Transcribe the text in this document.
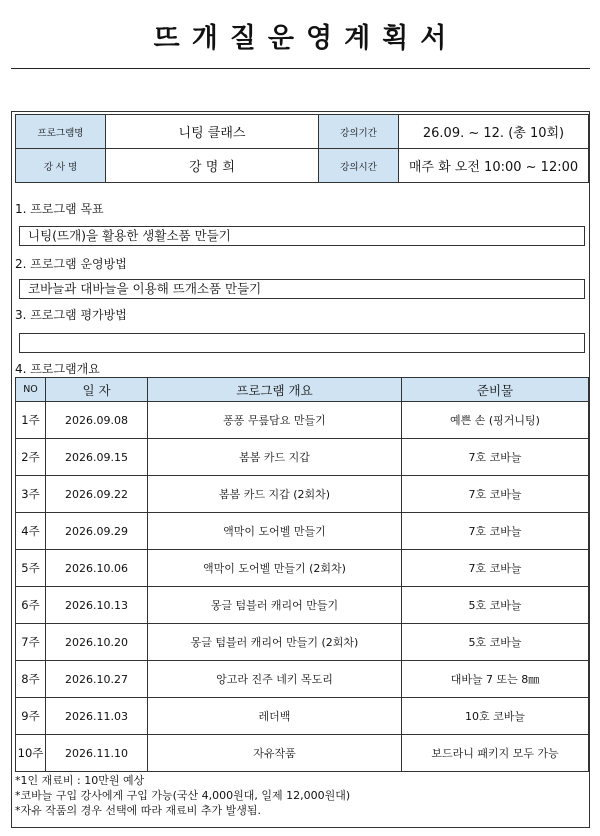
뜨개질운영계획서
프로그램명	니팅 클래스	강의기간	26.09. ~ 12. (총 10회)
강 사 명	강 명 희	강의시간	매주 화 오전 10:00 ~ 12:00
1. 프로그램 목표
니팅(뜨개)을 활용한 생활소품 만들기
2. 프로그램 운영방법
코바늘과 대바늘을 이용해 뜨개소품 만들기
3. 프로그램 평가방법
4. 프로그램개요
NO	일 자	프로그램 개요	준비물
1주	2026.09.08	퐁퐁 무릎담요 만들기	예쁜 손 (핑거니팅)
2주	2026.09.15	봄봄 카드 지갑	7호 코바늘
3주	2026.09.22	봄봄 카드 지갑 (2회차)	7호 코바늘
4주	2026.09.29	액막이 도어벨 만들기	7호 코바늘
5주	2026.10.06	액막이 도어벨 만들기 (2회차)	7호 코바늘
6주	2026.10.13	몽글 텀블러 캐리어 만들기	5호 코바늘
7주	2026.10.20	몽글 텀블러 캐리어 만들기 (2회차)	5호 코바늘
8주	2026.10.27	앙고라 진주 네키 목도리	대바늘 7 또는 8㎜
9주	2026.11.03	레더백	10호 코바늘
10주	2026.11.10	자유작품	보드라니 패키지 모두 가능
*1인 재료비 : 10만원 예상
*코바늘 구입 강사에게 구입 가능(국산 4,000원대, 일제 12,000원대)
*자유 작품의 경우 선택에 따라 재료비 추가 발생됨.
